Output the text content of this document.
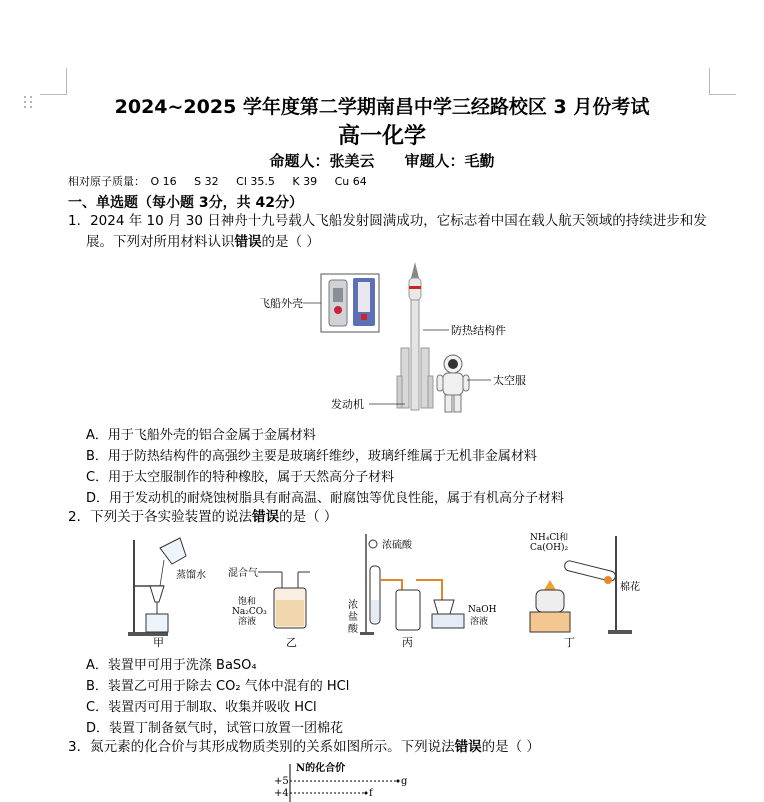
2024~2025 学年度第二学期南昌中学三经路校区 3 月份考试
高一化学
命题人：张美云 审题人：毛勤
相对原子质量： O 16 S 32 Cl 35.5 K 39 Cu 64
一、单选题（每小题 3分，共 42分）
1．2024 年 10 月 30 日神舟十九号载人飞船发射圆满成功，它标志着中国在载人航天领域的持续进步和发
展。下列对所用材料认识错误的是（ ）
飞船外壳
防热结构件
发动机
太空服
A．用于飞船外壳的铝合金属于金属材料
B．用于防热结构件的高强纱主要是玻璃纤维纱，玻璃纤维属于无机非金属材料
C．用于太空服制作的特种橡胶，属于天然高分子材料
D．用于发动机的耐烧蚀树脂具有耐高温、耐腐蚀等优良性能，属于有机高分子材料
2．下列关于各实验装置的说法错误的是（ ）
蒸馏水
甲
混合气
饱和
Na₂CO₃
溶液
乙
浓硫酸
浓
盐
酸
NaOH
溶液
丙
NH₄Cl和
Ca(OH)₂
棉花
丁
A．装置甲可用于洗涤 BaSO₄
B．装置乙可用于除去 CO₂ 气体中混有的 HCl
C．装置丙可用于制取、收集并吸收 HCl
D．装置丁制备氨气时，试管口放置一团棉花
3．氮元素的化合价与其形成物质类别的关系如图所示。下列说法错误的是（ ）
N的化合价
+5	g
+4	f
